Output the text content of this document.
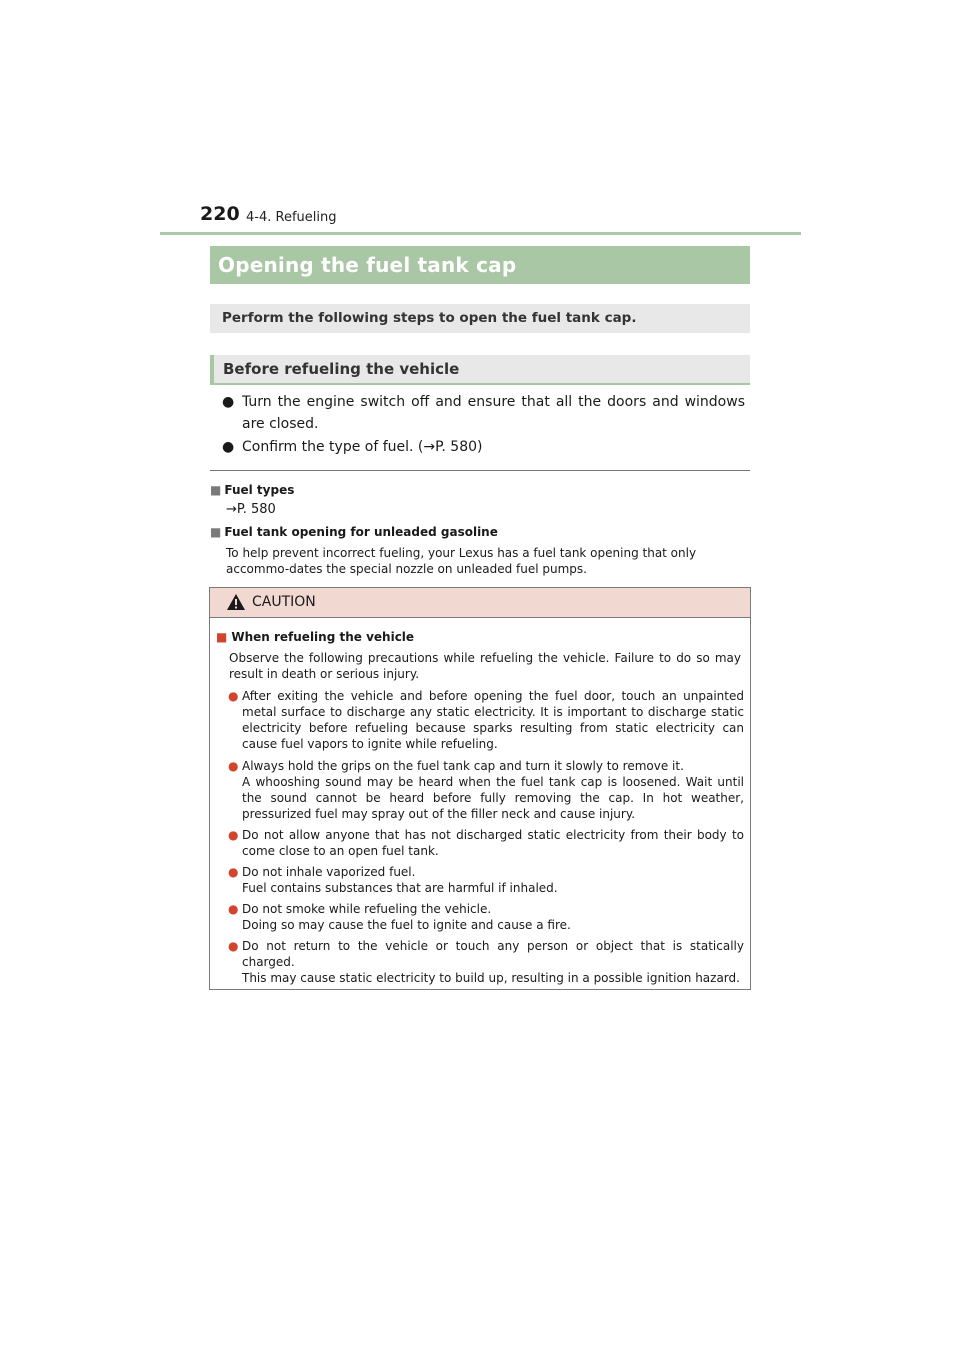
220 4-4. Refueling
Opening the fuel tank cap
Perform the following steps to open the fuel tank cap.
Before refueling the vehicle
● Turn the engine switch off and ensure that all the doors and windows are closed.
● Confirm the type of fuel. (→P. 580)
■ Fuel types
→P. 580
■ Fuel tank opening for unleaded gasoline
To help prevent incorrect fueling, your Lexus has a fuel tank opening that only accommo-dates the special nozzle on unleaded fuel pumps.
CAUTION
■ When refueling the vehicle
Observe the following precautions while refueling the vehicle. Failure to do so may result in death or serious injury.
● After exiting the vehicle and before opening the fuel door, touch an unpainted metal surface to discharge any static electricity. It is important to discharge static electricity before refueling because sparks resulting from static electricity can cause fuel vapors to ignite while refueling.
● Always hold the grips on the fuel tank cap and turn it slowly to remove it.
A whooshing sound may be heard when the fuel tank cap is loosened. Wait until the sound cannot be heard before fully removing the cap. In hot weather, pressurized fuel may spray out of the filler neck and cause injury.
● Do not allow anyone that has not discharged static electricity from their body to come close to an open fuel tank.
● Do not inhale vaporized fuel.
Fuel contains substances that are harmful if inhaled.
● Do not smoke while refueling the vehicle.
Doing so may cause the fuel to ignite and cause a fire.
● Do not return to the vehicle or touch any person or object that is statically charged.
This may cause static electricity to build up, resulting in a possible ignition hazard.
